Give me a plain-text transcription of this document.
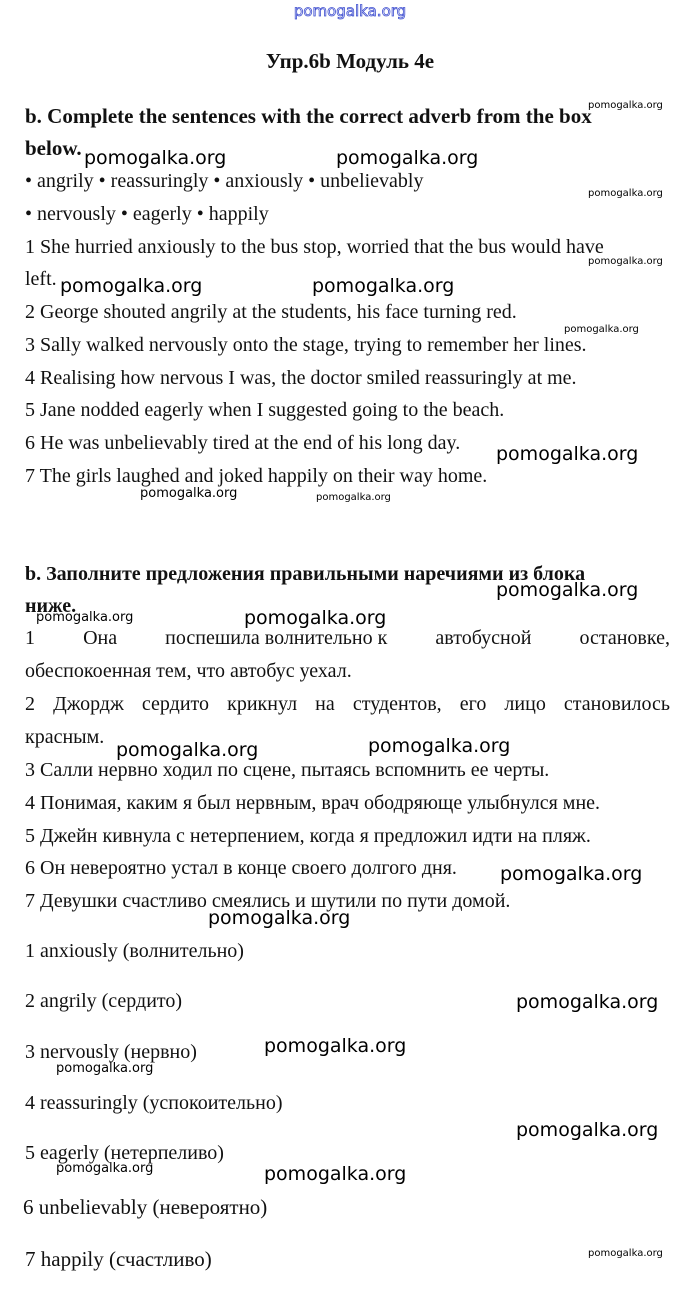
pomogalka.org
Упр.6b Модуль 4e
b. Complete the sentences with the correct adverb from the box
below.
• angrily • reassuringly • anxiously • unbelievably
• nervously • eagerly • happily
1 She hurried anxiously to the bus stop, worried that the bus would have
left.
2 George shouted angrily at the students, his face turning red.
3 Sally walked nervously onto the stage, trying to remember her lines.
4 Realising how nervous I was, the doctor smiled reassuringly at me.
5 Jane nodded eagerly when I suggested going to the beach.
6 He was unbelievably tired at the end of his long day.
7 The girls laughed and joked happily on their way home.
b. Заполните предложения правильными наречиями из блока
ниже.
1 Она поспешила волнительно к автобусной остановке,
обеспокоенная тем, что автобус уехал.
2 Джордж сердито крикнул на студентов, его лицо становилось
красным.
3 Салли нервно ходил по сцене, пытаясь вспомнить ее черты.
4 Понимая, каким я был нервным, врач ободряюще улыбнулся мне.
5 Джейн кивнула с нетерпением, когда я предложил идти на пляж.
6 Он невероятно устал в конце своего долгого дня.
7 Девушки счастливо смеялись и шутили по пути домой.
1 anxiously (волнительно)
2 angrily (сердито)
3 nervously (нервно)
4 reassuringly (успокоительно)
5 eagerly (нетерпеливо)
6 unbelievably (невероятно)
7 happily (счастливо)
pomogalka.org
pomogalka.org	pomogalka.org
pomogalka.org
pomogalka.org
pomogalka.org	pomogalka.org
pomogalka.org
pomogalka.org
pomogalka.org	pomogalka.org
pomogalka.org
pomogalka.org	pomogalka.org
pomogalka.org	pomogalka.org
pomogalka.org
pomogalka.org
pomogalka.org
pomogalka.org
pomogalka.org
pomogalka.org
pomogalka.org	pomogalka.org
pomogalka.org
